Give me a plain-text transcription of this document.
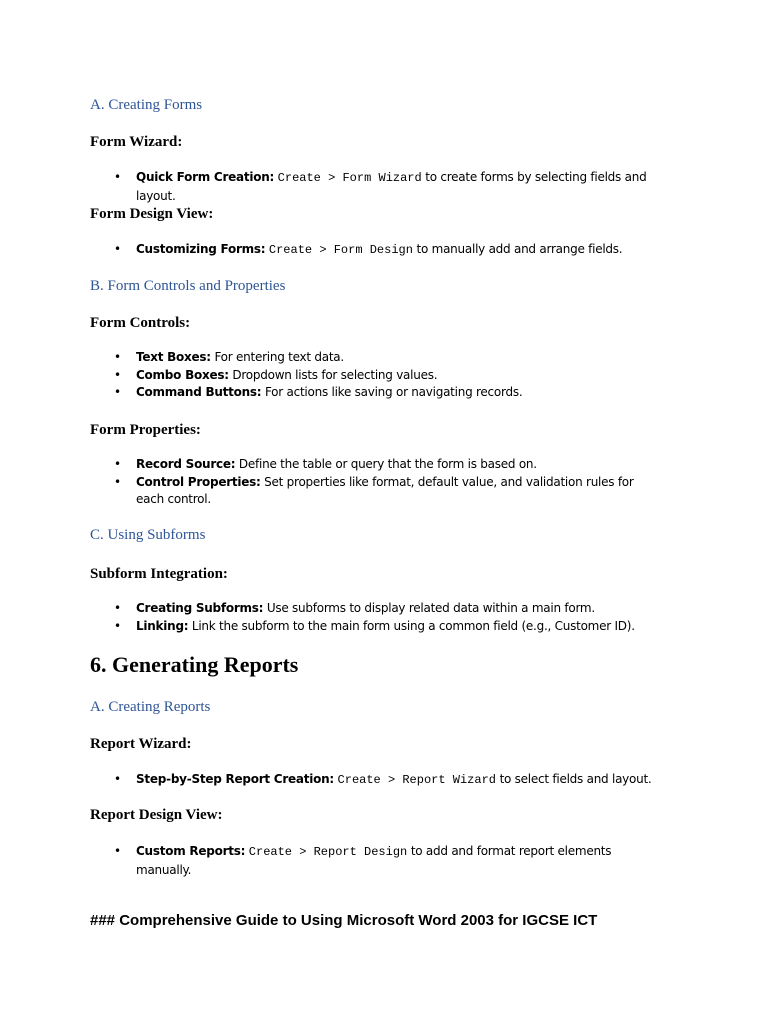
A. Creating Forms
Form Wizard:
• Quick Form Creation: Create > Form Wizard to create forms by selecting fields and layout.
Form Design View:
• Customizing Forms: Create > Form Design to manually add and arrange fields.
B. Form Controls and Properties
Form Controls:
• Text Boxes: For entering text data.
• Combo Boxes: Dropdown lists for selecting values.
• Command Buttons: For actions like saving or navigating records.
Form Properties:
• Record Source: Define the table or query that the form is based on.
• Control Properties: Set properties like format, default value, and validation rules for each control.
C. Using Subforms
Subform Integration:
• Creating Subforms: Use subforms to display related data within a main form.
• Linking: Link the subform to the main form using a common field (e.g., Customer ID).
6. Generating Reports
A. Creating Reports
Report Wizard:
• Step-by-Step Report Creation: Create > Report Wizard to select fields and layout.
Report Design View:
• Custom Reports: Create > Report Design to add and format report elements manually.
### Comprehensive Guide to Using Microsoft Word 2003 for IGCSE ICT
